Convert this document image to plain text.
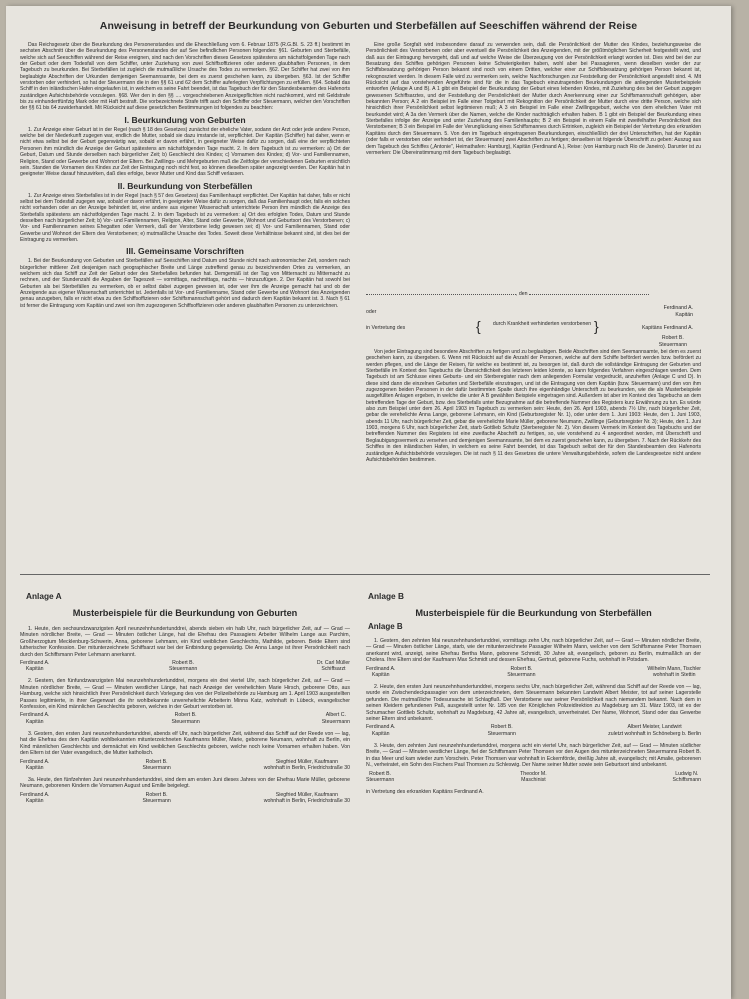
Anweisung in betreff der Beurkundung von Geburten und Sterbefällen auf Seeschiffen während der Reise

Das Reichsgesetz über die Beurkundung des Personenstandes und die Eheschließung vom 6. Februar 1875 (R.G.Bl. S. 23 ff.) bestimmt im sechsten Abschnitt über die Beurkundung des Personenstandes der auf See befindlichen Personen folgendes: §61. Geburten und Sterbefälle, welche sich auf Seeschiffen während der Reise ereignen, sind nach den Vorschriften dieses Gesetzes spätestens am nächstfolgenden Tage nach der Geburt oder dem Todesfall von dem Schiffer, unter Zuziehung von zwei Schiffsoffizieren oder anderen glaubhaften Personen, in dem Tagebuch zu beurkunden. Bei Sterbefällen ist zugleich die mutmaßliche Ursache des Todes zu vermerken. §62. Der Schiffer hat zwei von ihm beglaubigte Abschriften der Urkunden demjenigen Seemannsamte, bei dem es zuerst geschehen kann, zu übergeben. §63. Ist der Schiffer verstorben oder verhindert, so hat der Steuermann die in den §§ 61 und 62 dem Schiffer auferlegten Verpflichtungen zu erfüllen. §64. Sobald das Schiff in den inländischen Hafen eingelaufen ist, in welchem es seine Fahrt beendet, ist das Tagebuch der für den Standesbeamten des Hafenorts zuständigen Aufsichtsbehörde vorzulegen. §68. Wer den in den §§ .... vorgeschriebenen Anzeigepflichten nicht nachkommt, wird mit Geldstrafe bis zu einhundertfünfzig Mark oder mit Haft bestraft. Die vorbezeichnete Strafe trifft auch den Schiffer oder Steuermann, welcher den Vorschriften der §§ 61 bis 64 zuwiderhandelt. Mit Rücksicht auf diese gesetzlichen Bestimmungen ist folgendes zu beachten:

I. Beurkundung von Geburten

1. Zur Anzeige einer Geburt ist in der Regel (nach § 18 des Gesetzes) zunächst der eheliche Vater, sodann der Arzt oder jede andere Person, welche bei der Niederkunft zugegen war, endlich die Mutter, sobald sie dazu imstande ist, verpflichtet. Der Kapitän (Schiffer) hat daher, wenn er nicht etwa selbst bei der Geburt gegenwärtig war, sobald er davon erfährt, in geeigneter Weise dafür zu sorgen, daß eine der verpflichteten Personen ihm mündlich die Anzeige der Geburt spätestens am nächstfolgenden Tage macht. 2. In dem Tagebuch ist zu vermerken: a) Ort der Geburt, Datum und Stunde derselben nach bürgerlicher Zeit; b) Geschlecht des Kindes; c) Vornamen des Kindes; d) Vor- und Familiennamen, Religion, Stand oder Gewerbe und Wohnort der Eltern. Bei Zwillings- und Mehrgeburten muß die Zeitfolge der verschiedenen Geburten ersichtlich sein. Standen die Vornamen des Kindes zur Zeit der Eintragung noch nicht fest, so können dieselben später angezeigt werden. Der Kapitän hat in geeigneter Weise darauf hinzuwirken, daß dies erfolge, bevor Mutter und Kind das Schiff verlassen.

II. Beurkundung von Sterbefällen

1. Zur Anzeige eines Sterbefalles ist in der Regel (nach § 57 des Gesetzes) das Familienhaupt verpflichtet. Der Kapitän hat daher, falls er nicht selbst bei dem Todesfall zugegen war, sobald er davon erfährt, in geeigneter Weise dafür zu sorgen, daß das Familienhaupt oder, falls ein solches nicht vorhanden oder an der Anzeige behindert ist, eine andere aus eigener Wissenschaft unterrichtete Person ihm mündlich die Anzeige des Sterbefalls spätestens am nächstfolgenden Tage macht. 2. In dem Tagebuch ist zu vermerken: a) Ort des erfolgten Todes, Datum und Stunde desselben nach bürgerlicher Zeit; b) Vor- und Familiennamen, Religion, Alter, Stand oder Gewerbe, Wohnort und Geburtsort des Verstorbenen; c) Vor- und Familiennamen seines Ehegatten oder Vermerk, daß der Verstorbene ledig gewesen sei; d) Vor- und Familiennamen, Stand oder Gewerbe und Wohnort der Eltern des Verstorbenen; e) mutmaßliche Ursache des Todes. Soweit diese Verhältnisse bekannt sind, ist dies bei der Eintragung zu vermerken.

III. Gemeinsame Vorschriften

1. Bei der Beurkundung von Geburten und Sterbefällen auf Seeschiffen sind Datum und Stunde nicht nach astronomischer Zeit, sondern nach bürgerlicher mittlerer Zeit desjenigen nach geographischer Breite und Länge zutreffend genau zu bezeichnenden Ortes zu vermerken, an welchem sich das Schiff zur Zeit der Geburt oder des Sterbefalles befunden hat. Demgemäß ist der Tag von Mitternacht zu Mitternacht zu rechnen, und der Stundenzahl die Angaben der Tageszeit — vormittags, nachmittags, nachts — hinzuzufügen. 2. Der Kapitän hat sowohl bei Geburten als bei Sterbefällen zu vermerken, ob er selbst dabei zugegen gewesen ist, oder wer ihm die Anzeige gemacht hat und ob der Anzeigende aus eigener Wissenschaft unterrichtet ist. Jedenfalls ist Vor- und Familienname, Stand oder Gewerbe und Wohnort des Anzeigenden genau anzugeben, falls er nicht etwa zu den Schiffsoffizieren oder Schiffsmannschaft gehört und dadurch dem Kapitän bekannt ist. 3. Nach § 61 ist ferner die Eintragung vom Kapitän und zwei von ihm zugezogenen Schiffsoffizieren oder anderen glaubhaften Personen zu unterzeichnen.

Eine große Sorgfalt wird insbesondere darauf zu verwenden sein, daß die Persönlichkeit der Mutter des Kindes, beziehungsweise die Persönlichkeit des Verstorbenen oder aber eventuell die Persönlichkeit des Anzeigenden, mit der größtmöglichen Sicherheit festgestellt wird, und daß aus der Eintragung hervorgeht, daß und auf welche Weise die Überzeugung von der Persönlichkeit erlangt worden ist. Dies wird bei der zur Besatzung des Schiffes gehörigen Personen keine Schwierigkeiten haben, wohl aber bei Passagieren, wenn dieselben weder der zur Schiffsbesatzung gehörigen Person bekannt sind noch von einem Dritten, welcher einer zur Schiffsbesatzung gehörigen Person bekannt ist, rekognosziert werden. In diesem Falle wird zu vermerken sein, welche Nachforschungen zur Feststellung der Persönlichkeit angestellt sind. 4. Mit Rücksicht auf das vorstehenden Angeführte sind für die in das Tagebuch einzutragenden Beurkundungen die anliegenden Musterbeispiele entworfen (Anlage A und B). A 1 gibt ein Beispiel der Beurkundung der Geburt eines lebenden Kindes, mit Zuziehung des bei der Geburt zugegen gewesenen Schiffsarztes, und der Feststellung der Persönlichkeit der Mutter durch Anerkennung einer zur Schiffsmannschaft gehörigen, aber bekannten Person; A 2 ein Beispiel im Falle einer Totgeburt mit Rekognition der Persönlichkeit der Mutter durch eine dritte Person, welche sich hinsichtlich ihrer Persönlichkeit selbst legitimieren muß; A 3 ein Beispiel im Falle einer Zwillingsgeburt, welche von dem ehelichen Vater mit beurkundet wird; A 3a den Vermerk über die Namen, welche die Kinder nachträglich erhalten haben. B 1 gibt ein Beispiel der Beurkundung eines Sterbefalles infolge der Anzeige und unter Zuziehung des Familienhaupts; B 2 ein Beispiel in einem Falle mit zweifelhafter Persönlichkeit des Verstorbenen; B 3 ein Beispiel im Falle der Verunglückung eines Schiffsmannes durch Ertrinken, zugleich ein Beispiel der Vertretung des erkrankten Kapitäns durch den Steuermann. 5. Von den im Tagebuch eingetragenen Beurkundungen, einschließlich der drei Unterschriften, hat der Kapitän (oder falls er verstorben oder verhindert ist, der Steuermann) zwei Abschriften zu fertigen; denselben ist folgende Überschrift zu geben: Auszug aus dem Tagebuch des Schiffes („Antonie", Heimathafen: Hamburg), Kapitän (Ferdinand A.), Reise: (von Hamburg nach Rio de Janeiro). Darunter ist zu vermerken: Die Übereinstimmung mit dem Tagebuch beglaubigt.

, den
Ferdinand A.
Kapitän
oder
in Vertretung des	{ durch Krankheit verhinderten verstorbenen }	Kapitäns Ferdinand A.
Robert B.
Steuermann

Von jeder Eintragung sind besondere Abschriften zu fertigen und zu beglaubigen. Beide Abschriften sind dem Seemannsamte, bei dem es zuerst geschehen kann, zu übergeben. 6. Wenn mit Rücksicht auf die Anzahl der Personen, welche auf dem Schiffe befördert werden bzw. befördert zu werden pflegen, und die Länge der Reisen, für welche es bestimmt ist, zu besorgen ist, daß durch die vollständige Eintragung der Geburten und Sterbefälle im Kontext des Tagebuchs die Übersichtlichkeit des letzteren leiden könnte, so kann folgendes Verfahren eingeschlagen werden. Dem Tagebuch ist am Schlusse eines Geburts- und ein Sterberegister nach dem anliegenden Formular vorgedruckt, anzuheften (Anlage C und D). In diese sind dann die einzelnen Geburten und Sterbefälle einzutragen, und ist die Eintragung von dem Kapitän (bzw. Steuermann) und den von ihm zugezogenen beiden Personen in der dafür bestimmten Spalte durch ihre eigenhändige Unterschrift zu beurkunden, wie die als Musterbeispiele ausgefüllten Anlagen ergeben, in welche die unter A B gewählten Beispiele eingetragen sind. Außerdem ist aber im Kontext des Tagebuchs an dem betreffenden Tage der Geburt, bzw. des Sterbefalls unter Bezugnahme auf die betreffende Nummer des Registers kurz Erwähnung zu tun. Es würde also zum Beispiel unter dem 26. April 1903 im Tagebuch zu vermerken sein: Heute, den 26. April 1903, abends 7½ Uhr, nach bürgerlicher Zeit, gebar die verehelichte Anna Lange, geborene Lehmann, ein Kind (Geburtsregister Nr. 1), oder unter dem 1. Juni 1903: Heute, den 1. Juni 1903, abends 11 Uhr, nach bürgerlicher Zeit, gebar die verehelichte Marie Müller, geborene Neumann, Zwillinge (Geburtsregister Nr. 3); Heute, den 1. Juni 1903, morgens 6 Uhr, nach bürgerlicher Zeit, starb Gottlieb Schultz (Sterberegister Nr. 2). Von diesem Vermerk im Kontext des Tagebuchs und der betreffenden Nummer des Registers ist eine zweifache Abschrift zu fertigen, so, wie vorstehend zu 4 angeordnet worden, mit Überschrift und Beglaubigungsvermerk zu versehen und demjenigen Seemannsamte, bei dem es zuerst geschehen kann, zu übergeben. 7. Nach der Rückkehr des Schiffes in den inländischen Hafen, in welchem es seine Fahrt beendet, ist das Tagebuch selbst der für den Standesbeamten des Hafenorts zuständigen Aufsichtsbehörde vorzulegen. Die ist nach § 11 des Gesetzes die untere Verwaltungsbehörde, sofern die Landesgesetze nicht andere Aufsichtsbehörden bestimmen.

Anlage A
Musterbeispiele für die Beurkundung von Geburten

1. Heute, den sechsundzwanzigsten April neunzehnhundertunddrei, abends sieben ein halb Uhr, nach bürgerlicher Zeit, auf — Grad — Minuten nördlicher Breite, — Grad — Minuten östlicher Länge, hat die Ehefrau des Passagiers Arbeiter Wilhelm Lange aus Parchim, Großherzogtum Mecklenburg-Schwerin, Anna, geborene Lehmann, ein Kind weiblichen Geschlechts, Mathilde, geboren. Beide Eltern sind lutherischer Konfession. Der mitunterzeichnete Schiffsarzt war bei der Entbindung gegenwärtig. Die Anna Lange ist ihrer Persönlichkeit nach durch den Schiffsmann Peter Lehmann anerkannt.

Ferdinand A.
Kapitän
Robert B.
Steuermann
Dr. Carl Müller
Schiffsarzt

2. Gestern, den fünfundzwanzigsten Mai neunzehnhundertunddrei, morgens ein drei viertel Uhr, nach bürgerlicher Zeit, auf — Grad — Minuten nördlicher Breite, — Grad — Minuten westlicher Länge, hat nach Anzeige der verehelichten Marie Hirsch, geborene Otto, aus Hamburg, welche sich hinsichtlich ihrer Persönlichkeit durch Vorlegung des von der Polizeibehörde zu Hamburg am 1. April 1903 ausgestellten Passes legitimierte, in ihrer Gegenwart die ihr wohlbekannte unverehelichte Arbeiterin Minna Katz, wohnhaft in Lübeck, evangelischer Konfession, ein Kind männlichen Geschlechts geboren, welches in der Geburt verstorben ist.

Ferdinand A.
Kapitän
Robert B.
Steuermann
Albert C.
Steuermann

3. Gestern, den ersten Juni neunzehnhundertunddrei, abends elf Uhr, nach bürgerlicher Zeit, während das Schiff auf der Reede von — lag, hat die Ehefrau des dem Kapitän wohlbekannten mitunterzeichneten Kaufmanns Müller, Marie, geborene Neumann, wohnhaft zu Berlin, ein Kind männlichen Geschlechts und demnächst ein Kind weiblichen Geschlechts geboren, welche noch keine Vornamen erhalten haben. Von den Eltern ist der Vater evangelisch, die Mutter katholisch.

Ferdinand A.
Kapitän
Robert B.
Steuermann
Siegfried Müller, Kaufmann
wohnhaft in Berlin, Friedrichstraße 30

3a. Heute, den fünfzehnten Juni neunzehnhundertunddrei, sind dem am ersten Juni dieses Jahres von der Ehefrau Marie Müller, geborene Neumann, geborenen Kindern die Vornamen August und Emilie beigelegt.

Ferdinand A.
Kapitän
Robert B.
Steuermann
Siegfried Müller, Kaufmann
wohnhaft in Berlin, Friedrichstraße 30
Anlage B
Musterbeispiele für die Beurkundung von Sterbefällen
Anlage B

1. Gestern, den zehnten Mai neunzehnhundertunddrei, vormittags zehn Uhr, nach bürgerlicher Zeit, auf — Grad — Minuten nördlicher Breite, — Grad — Minuten östlicher Länge, starb, wie der mitunterzeichnete Passagier Wilhelm Mann, welcher von dem Schiffsmanne Peter Thomsen anerkannt wird, anzeigt, seine Ehefrau Bertha Mann, geborene Schmidt, 30 Jahre alt, evangelisch, geboren zu Berlin, mutmaßlich an der Cholera. Ihre Eltern sind der Kaufmann Max Schmidt und dessen Ehefrau, Gertrud, geborene Fuchs, wohnhaft in Potsdam.

Ferdinand A.
Kapitän
Robert B.
Steuermann
Wilhelm Mann, Tischler
wohnhaft in Stettin

2. Heute, den ersten Juni neunzehnhundertunddrei, morgens sechs Uhr, nach bürgerlicher Zeit, während das Schiff auf der Reede von — lag, wurde ein Zwischendeckpassagier von dem unterzeichneten, dem Steuermann bekannten Landwirt Albert Meister, tot auf seiner Lagerstelle gefunden. Die mutmaßliche Todesursache ist Schlagfluß. Der Verstorbene war seiner Persönlichkeit nach niemandem bekannt. Nach dem in seinen Kleidern gefundenen Paß, ausgestellt unter Nr. 185 von der Königlichen Polizeidirektion zu Magdeburg am 31. März 1903, ist es der Schumacher Gottlieb Schultz, wohnhaft zu Magdeburg, 42 Jahre alt, evangelisch, unverheiratet. Der Name, Wohnort, Stand oder das Gewerbe seiner Eltern sind unbekannt.

Ferdinand A.
Kapitän
Robert B.
Steuermann
Albert Meister, Landwirt
zuletzt wohnhaft in Schöneberg b. Berlin

3. Heute, den zehnten Juni neunzehnhundertunddrei, morgens acht ein viertel Uhr, nach bürgerlicher Zeit, auf — Grad — Minuten südlicher Breite, — Grad — Minuten westlicher Länge, fiel der Schiffsmann Peter Thomsen vor den Augen des mitunterzeichneten Steuermanns Robert B. in das Meer und kam wieder zum Vorschein. Peter Thomsen war wohnhaft in Eckernförde, dreißig Jahre alt, evangelisch; mit Amalie, geborenen N., verheiratet, ein Sohn des Fischers Paul Thomsen zu Schleswig. Der Name seiner Mutter sowie sein Geburtsort sind unbekannt.

Robert B.
Steuermann
Theodor M.
Maschinist
Ludwig N.
Schiffsmann

in Vertretung des erkrankten Kapitäns Ferdinand A.
